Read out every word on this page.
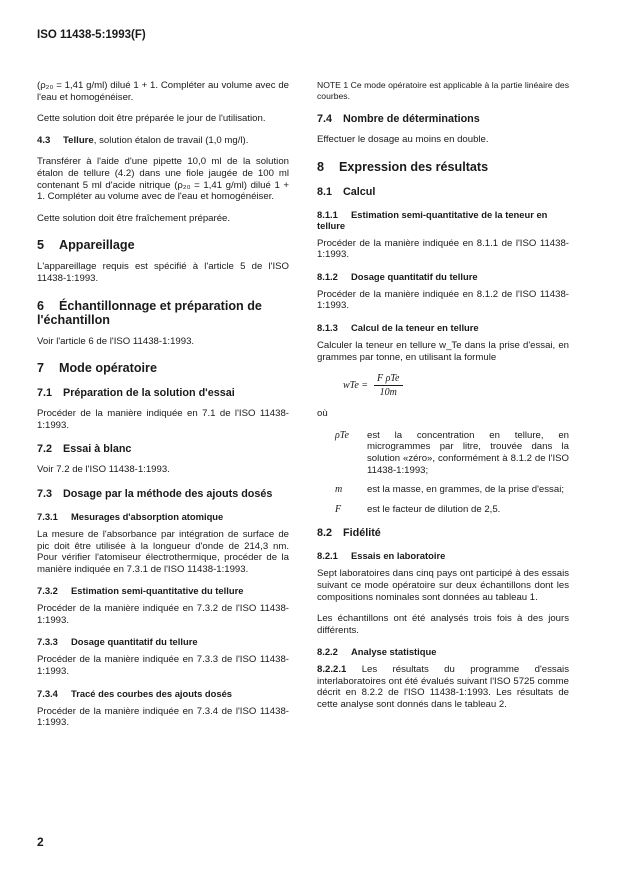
ISO 11438-5:1993(F)

(ρ₂₀ = 1,41 g/ml) dilué 1 + 1. Compléter au volume avec de l'eau et homogénéiser.

Cette solution doit être préparée le jour de l'utilisation.

4.3 Tellure, solution étalon de travail (1,0 mg/l).

Transférer à l'aide d'une pipette 10,0 ml de la solution étalon de tellure (4.2) dans une fiole jaugée de 100 ml contenant 5 ml d'acide nitrique (ρ₂₀ = 1,41 g/ml) dilué 1 + 1. Compléter au volume avec de l'eau et homogénéiser.

Cette solution doit être fraîchement préparée.

5 Appareillage

L'appareillage requis est spécifié à l'article 5 de l'ISO 11438-1:1993.

6 Échantillonnage et préparation de l'échantillon

Voir l'article 6 de l'ISO 11438-1:1993.

7 Mode opératoire
7.1 Préparation de la solution d'essai

Procéder de la manière indiquée en 7.1 de l'ISO 11438-1:1993.

7.2 Essai à blanc

Voir 7.2 de l'ISO 11438-1:1993.

7.3 Dosage par la méthode des ajouts dosés
7.3.1 Mesurages d'absorption atomique

La mesure de l'absorbance par intégration de surface de pic doit être utilisée à la longueur d'onde de 214,3 nm. Pour vérifier l'atomiseur électrothermique, procéder de la manière indiquée en 7.3.1 de l'ISO 11438-1:1993.

7.3.2 Estimation semi-quantitative du tellure

Procéder de la manière indiquée en 7.3.2 de l'ISO 11438-1:1993.

7.3.3 Dosage quantitatif du tellure

Procéder de la manière indiquée en 7.3.3 de l'ISO 11438-1:1993.

7.3.4 Tracé des courbes des ajouts dosés

Procéder de la manière indiquée en 7.3.4 de l'ISO 11438-1:1993.

NOTE 1 Ce mode opératoire est applicable à la partie linéaire des courbes.

7.4 Nombre de déterminations

Effectuer le dosage au moins en double.

8 Expression des résultats
8.1 Calcul
8.1.1 Estimation semi-quantitative de la teneur en tellure

Procéder de la manière indiquée en 8.1.1 de l'ISO 11438-1:1993.

8.1.2 Dosage quantitatif du tellure

Procéder de la manière indiquée en 8.1.2 de l'ISO 11438-1:1993.

8.1.3 Calcul de la teneur en tellure

Calculer la teneur en tellure w_Te dans la prise d'essai, en grammes par tonne, en utilisant la formule

wTe = $\frac{\text{F ρTe}}{10m}$

où

ρTe	est la concentration en tellure, en microgrammes par litre, trouvée dans la solution «zéro», conformément à 8.1.2 de l'ISO 11438-1:1993;
m	est la masse, en grammes, de la prise d'essai;
F	est le facteur de dilution de 2,5.
8.2 Fidélité
8.2.1 Essais en laboratoire

Sept laboratoires dans cinq pays ont participé à des essais suivant ce mode opératoire sur deux échantillons dont les compositions nominales sont données au tableau 1.

Les échantillons ont été analysés trois fois à des jours différents.

8.2.2 Analyse statistique

8.2.2.1 Les résultats du programme d'essais interlaboratoires ont été évalués suivant l'ISO 5725 comme décrit en 8.2.2 de l'ISO 11438-1:1993. Les résultats de cette analyse sont donnés dans le tableau 2.

2
